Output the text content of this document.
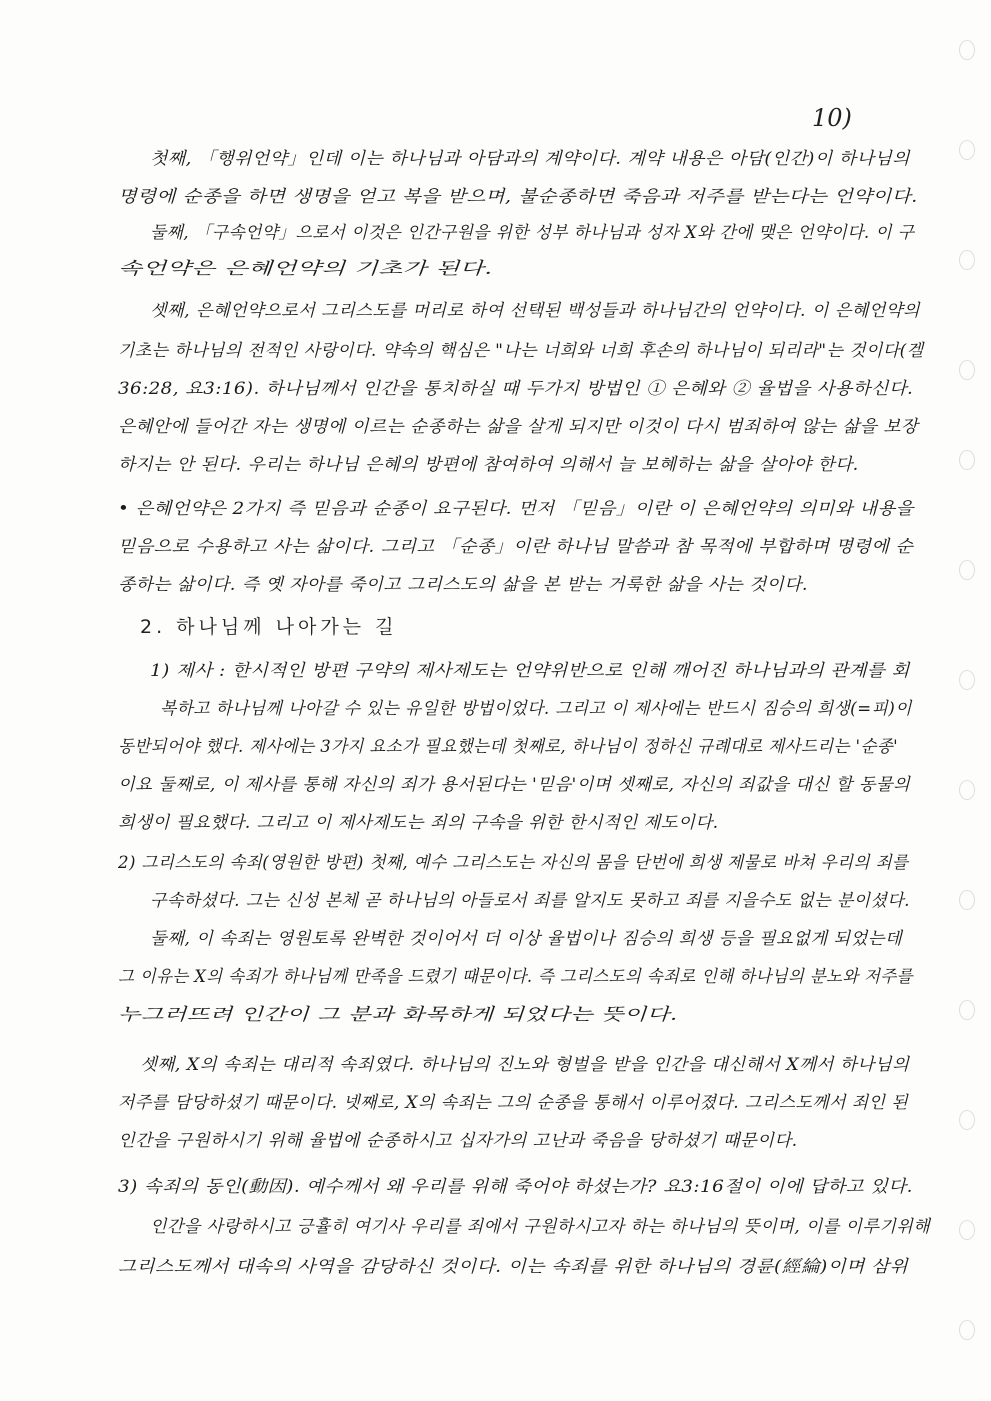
10)
2. 하나님께 나아가는 길
첫째, 「행위언약」인데 이는 하나님과 아담과의 계약이다. 계약 내용은 아담(인간)이 하나님의
명령에 순종을 하면 생명을 얻고 복을 받으며, 불순종하면 죽음과 저주를 받는다는 언약이다.
둘째, 「구속언약」으로서 이것은 인간구원을 위한 성부 하나님과 성자 X와 간에 맺은 언약이다. 이 구
속언약은 은혜언약의 기초가 된다.
셋째, 은혜언약으로서 그리스도를 머리로 하여 선택된 백성들과 하나님간의 언약이다. 이 은혜언약의
기초는 하나님의 전적인 사랑이다. 약속의 핵심은 "나는 너희와 너희 후손의 하나님이 되리라"는 것이다(겔
36:28, 요3:16). 하나님께서 인간을 통치하실 때 두가지 방법인 ① 은혜와 ② 율법을 사용하신다.
은혜안에 들어간 자는 생명에 이르는 순종하는 삶을 살게 되지만 이것이 다시 범죄하여 않는 삶을 보장
하지는 안 된다. 우리는 하나님 은혜의 방편에 참여하여 의해서 늘 보혜하는 삶을 살아야 한다.
• 은혜언약은 2가지 즉 믿음과 순종이 요구된다. 먼저 「믿음」이란 이 은혜언약의 의미와 내용을
믿음으로 수용하고 사는 삶이다. 그리고 「순종」이란 하나님 말씀과 참 목적에 부합하며 명령에 순
종하는 삶이다. 즉 옛 자아를 죽이고 그리스도의 삶을 본 받는 거룩한 삶을 사는 것이다.
1) 제사 : 한시적인 방편 구약의 제사제도는 언약위반으로 인해 깨어진 하나님과의 관계를 회
복하고 하나님께 나아갈 수 있는 유일한 방법이었다. 그리고 이 제사에는 반드시 짐승의 희생(=피)이
동반되어야 했다. 제사에는 3가지 요소가 필요했는데 첫째로, 하나님이 정하신 규례대로 제사드리는 '순종'
이요 둘째로, 이 제사를 통해 자신의 죄가 용서된다는 '믿음'이며 셋째로, 자신의 죄값을 대신 할 동물의
희생이 필요했다. 그리고 이 제사제도는 죄의 구속을 위한 한시적인 제도이다.
2) 그리스도의 속죄(영원한 방편) 첫째, 예수 그리스도는 자신의 몸을 단번에 희생 제물로 바쳐 우리의 죄를
구속하셨다. 그는 신성 본체 곧 하나님의 아들로서 죄를 알지도 못하고 죄를 지을수도 없는 분이셨다.
둘째, 이 속죄는 영원토록 완벽한 것이어서 더 이상 율법이나 짐승의 희생 등을 필요없게 되었는데
그 이유는 X의 속죄가 하나님께 만족을 드렸기 때문이다. 즉 그리스도의 속죄로 인해 하나님의 분노와 저주를
누그러뜨려 인간이 그 분과 화목하게 되었다는 뜻이다.
셋째, X의 속죄는 대리적 속죄였다. 하나님의 진노와 형벌을 받을 인간을 대신해서 X께서 하나님의
저주를 담당하셨기 때문이다. 넷째로, X의 속죄는 그의 순종을 통해서 이루어졌다. 그리스도께서 죄인 된
인간을 구원하시기 위해 율법에 순종하시고 십자가의 고난과 죽음을 당하셨기 때문이다.
3) 속죄의 동인(動因). 예수께서 왜 우리를 위해 죽어야 하셨는가? 요3:16절이 이에 답하고 있다.
인간을 사랑하시고 긍휼히 여기사 우리를 죄에서 구원하시고자 하는 하나님의 뜻이며, 이를 이루기위해
그리스도께서 대속의 사역을 감당하신 것이다. 이는 속죄를 위한 하나님의 경륜(經綸)이며 삼위
